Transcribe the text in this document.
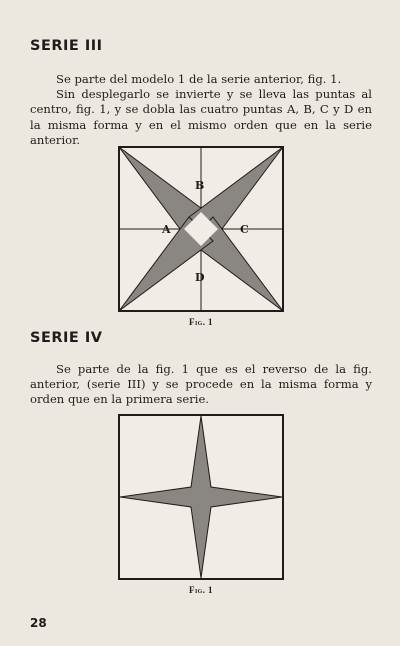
SERIE III

Se parte del modelo 1 de la serie anterior, fig. 1.

Sin desplegarlo se invierte y se lleva las puntas al centro, fig. 1, y se dobla las cuatro puntas A, B, C y D en la misma forma y en el mismo orden que en la serie anterior.

B
A	C
D
Fig. 1
SERIE IV

Se parte de la fig. 1 que es el reverso de la fig. anterior, (serie III) y se procede en la misma forma y orden que en la primera serie.

Fig. 1
28
